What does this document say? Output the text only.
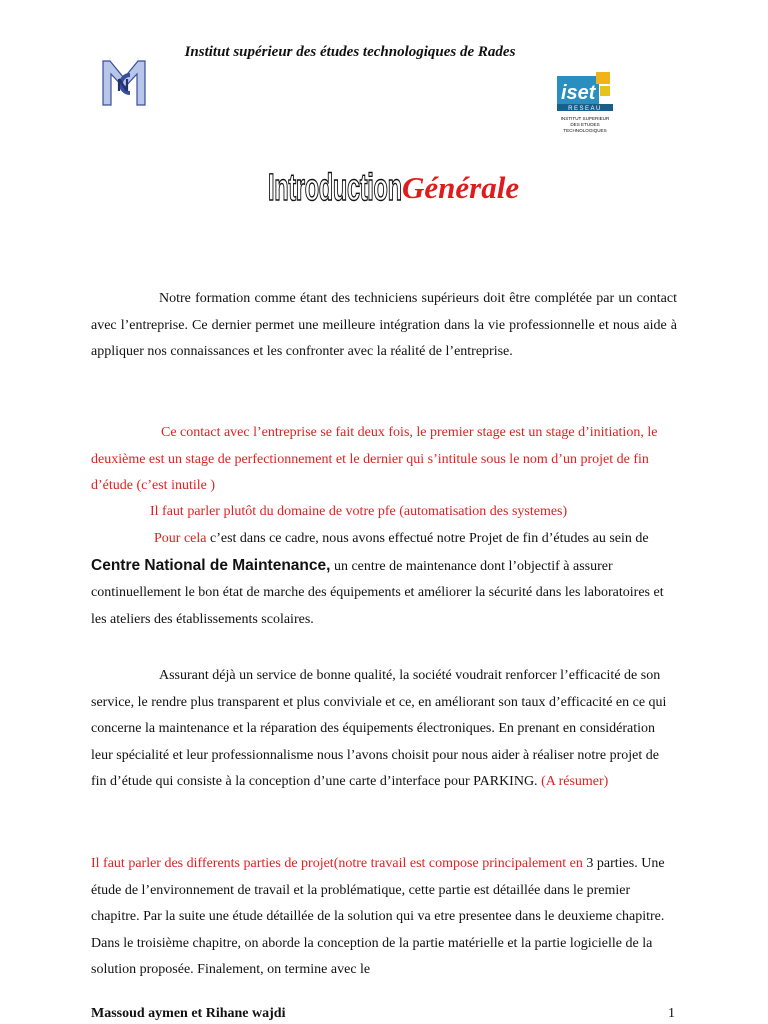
Institut supérieur des études technologiques de Rades
iset
RESEAU
INSTITUT SUPERIEUR
DES ETUDES
TECHNOLOGIQUES
IntroductionGénérale

Notre formation comme étant des techniciens supérieurs doit être complétée par un contact avec l’entreprise. Ce dernier permet une meilleure intégration dans la vie professionnelle et nous aide à appliquer nos connaissances et les confronter avec la réalité de l’entreprise.

Ce contact avec l’entreprise se fait deux fois, le premier stage est un stage d’initiation, le deuxième est un stage de perfectionnement et le dernier qui s’intitule sous le nom d’un projet de fin d’étude (c’est inutile )

Il faut parler plutôt du domaine de votre pfe (automatisation des systemes)

Pour cela c’est dans ce cadre, nous avons effectué notre Projet de fin d’études au sein de Centre National de Maintenance, un centre de maintenance dont l’objectif à assurer continuellement le bon état de marche des équipements et améliorer la sécurité dans les laboratoires et les ateliers des établissements scolaires.

Assurant déjà un service de bonne qualité, la société voudrait renforcer l’efficacité de son service, le rendre plus transparent et plus conviviale et ce, en améliorant son taux d’efficacité en ce qui concerne la maintenance et la réparation des équipements électroniques. En prenant en considération leur spécialité et leur professionnalisme nous l’avons choisit pour nous aider à réaliser notre projet de fin d’étude qui consiste à la conception d’une carte d’interface pour PARKING. (A résumer)

Il faut parler des differents parties de projet(notre travail est compose principalement en 3 parties. Une étude de l’environnement de travail et la problématique, cette partie est détaillée dans le premier chapitre. Par la suite une étude détaillée de la solution qui va etre presentee dans le deuxieme chapitre. Dans le troisième chapitre, on aborde la conception de la partie matérielle et la partie logicielle de la solution proposée. Finalement, on termine avec le

Massoud aymen et Rihane wajdi	1
